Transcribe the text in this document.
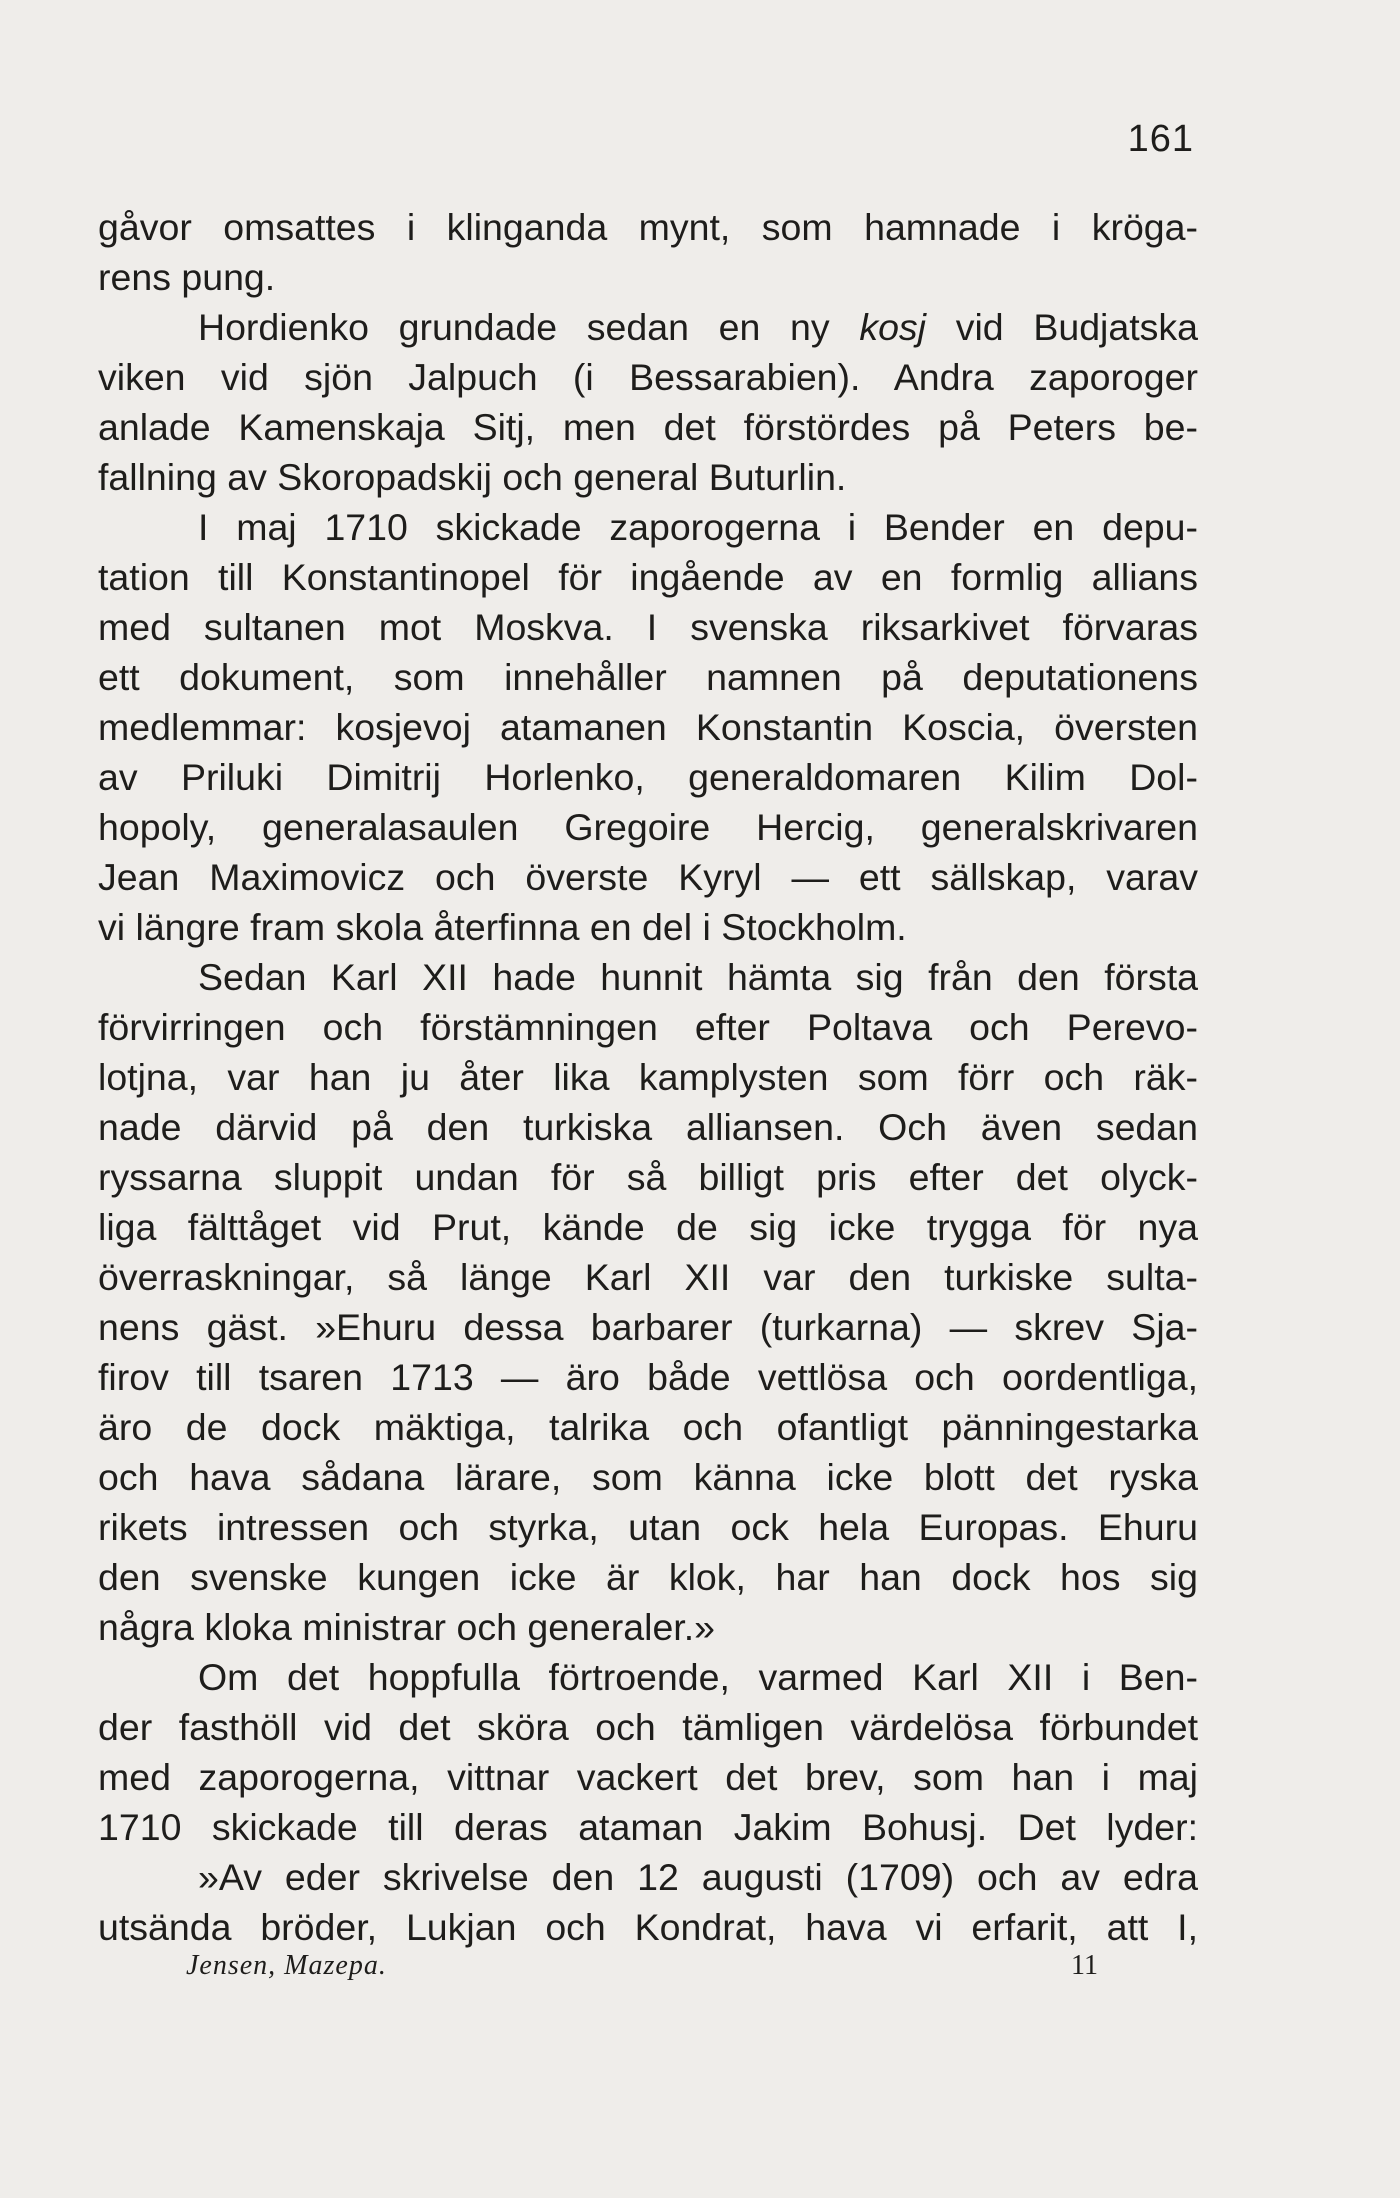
161
gåvor omsattes i klinganda mynt, som hamnade i kröga-
rens pung.
Hordienko grundade sedan en ny kosj vid Budjatska
viken vid sjön Jalpuch (i Bessarabien). Andra zaporoger
anlade Kamenskaja Sitj, men det förstördes på Peters be-
fallning av Skoropadskij och general Buturlin.
I maj 1710 skickade zaporogerna i Bender en depu-
tation till Konstantinopel för ingående av en formlig allians
med sultanen mot Moskva. I svenska riksarkivet förvaras
ett dokument, som innehåller namnen på deputationens
medlemmar: kosjevoj atamanen Konstantin Koscia, översten
av Priluki Dimitrij Horlenko, generaldomaren Kilim Dol-
hopoly, generalasaulen Gregoire Hercig, generalskrivaren
Jean Maximovicz och överste Kyryl — ett sällskap, varav
vi längre fram skola återfinna en del i Stockholm.
Sedan Karl XII hade hunnit hämta sig från den första
förvirringen och förstämningen efter Poltava och Perevo-
lotjna, var han ju åter lika kamplysten som förr och räk-
nade därvid på den turkiska alliansen. Och även sedan
ryssarna sluppit undan för så billigt pris efter det olyck-
liga fälttåget vid Prut, kände de sig icke trygga för nya
överraskningar, så länge Karl XII var den turkiske sulta-
nens gäst. »Ehuru dessa barbarer (turkarna) — skrev Sja-
firov till tsaren 1713 — äro både vettlösa och oordentliga,
äro de dock mäktiga, talrika och ofantligt pänningestarka
och hava sådana lärare, som känna icke blott det ryska
rikets intressen och styrka, utan ock hela Europas. Ehuru
den svenske kungen icke är klok, har han dock hos sig
några kloka ministrar och generaler.»
Om det hoppfulla förtroende, varmed Karl XII i Ben-
der fasthöll vid det sköra och tämligen värdelösa förbundet
med zaporogerna, vittnar vackert det brev, som han i maj
1710 skickade till deras ataman Jakim Bohusj. Det lyder:
»Av eder skrivelse den 12 augusti (1709) och av edra
utsända bröder, Lukjan och Kondrat, hava vi erfarit, att I,
Jensen, Mazepa.	11
